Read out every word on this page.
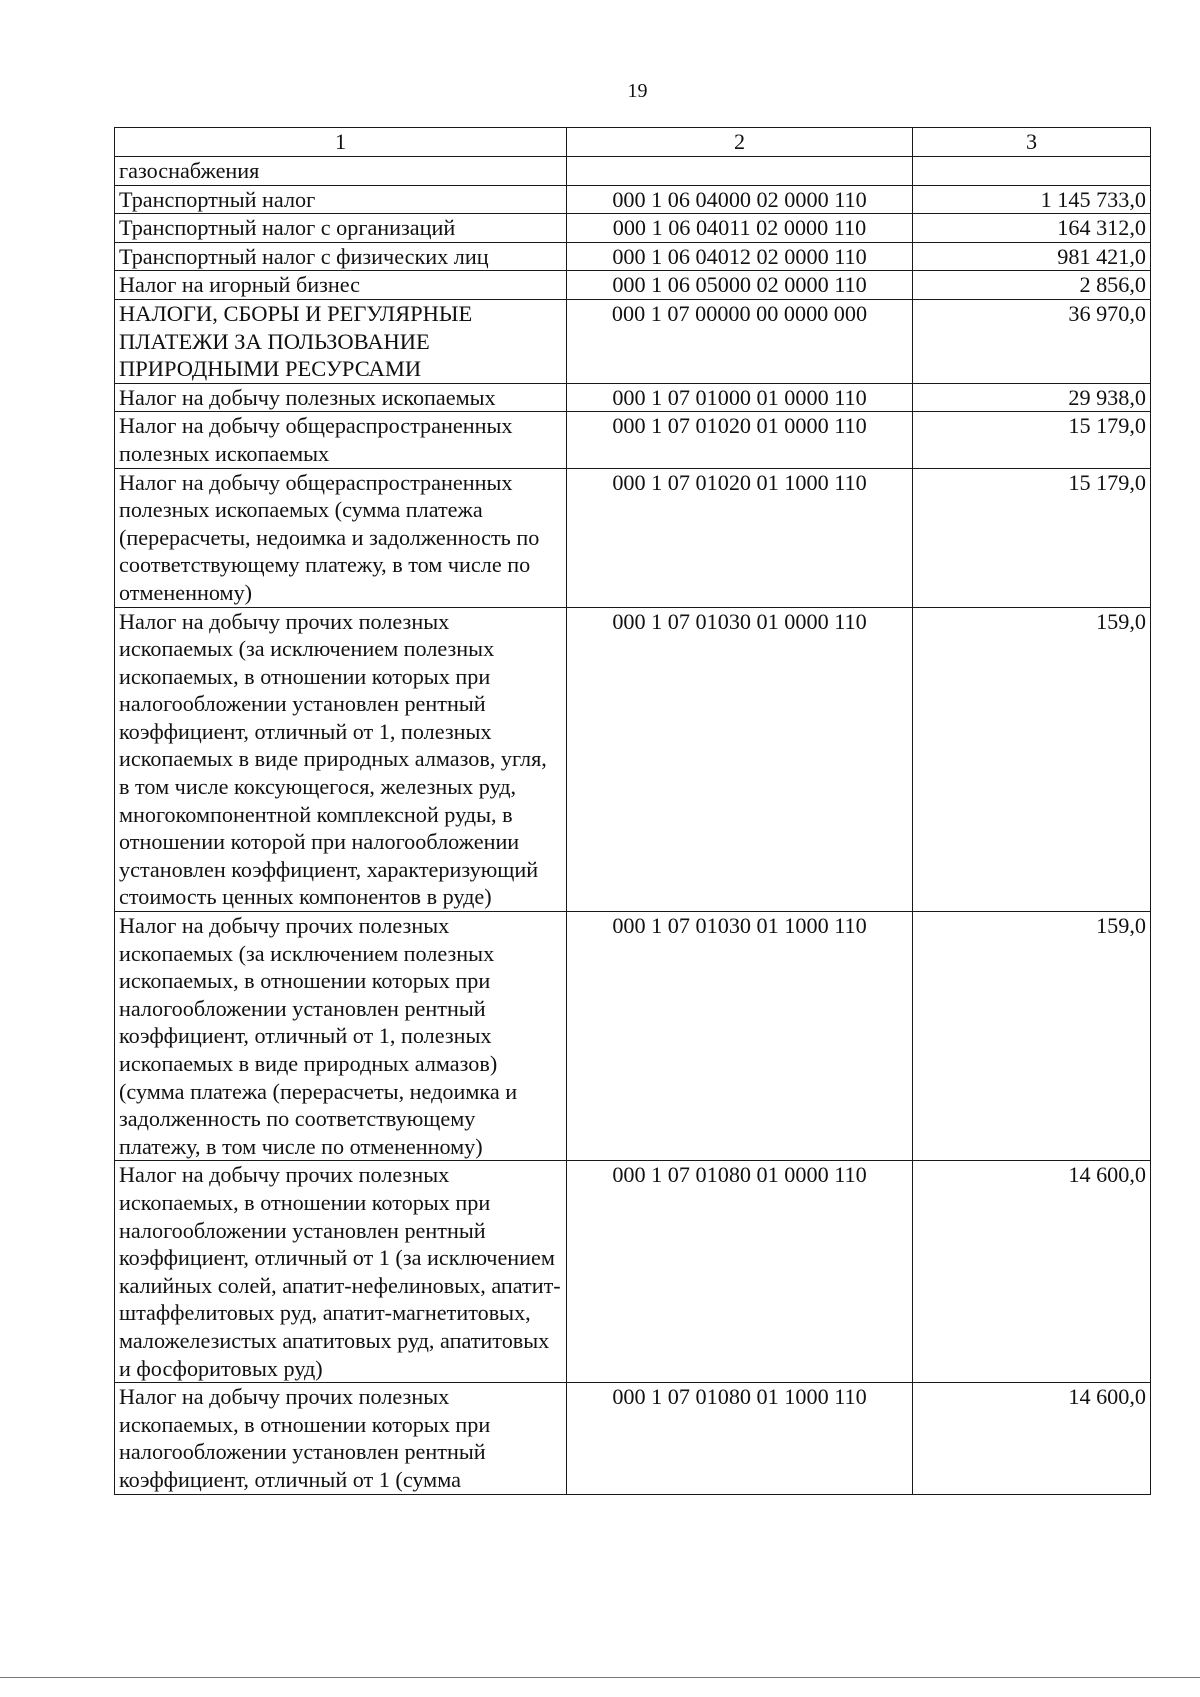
19
1	2	3
газоснабжения		
Транспортный налог	000 1 06 04000 02 0000 110	1 145 733,0
Транспортный налог с организаций	000 1 06 04011 02 0000 110	164 312,0
Транспортный налог с физических лиц	000 1 06 04012 02 0000 110	981 421,0
Налог на игорный бизнес	000 1 06 05000 02 0000 110	2 856,0
НАЛОГИ, СБОРЫ И РЕГУЛЯРНЫЕ ПЛАТЕЖИ ЗА ПОЛЬЗОВАНИЕ ПРИРОДНЫМИ РЕСУРСАМИ	000 1 07 00000 00 0000 000	36 970,0
Налог на добычу полезных ископаемых	000 1 07 01000 01 0000 110	29 938,0
Налог на добычу общераспространенных полезных ископаемых	000 1 07 01020 01 0000 110	15 179,0
Налог на добычу общераспространенных полезных ископаемых (сумма платежа (перерасчеты, недоимка и задолженность по соответствующему платежу, в том числе по отмененному)	000 1 07 01020 01 1000 110	15 179,0
Налог на добычу прочих полезных ископаемых (за исключением полезных ископаемых, в отношении которых при налогообложении установлен рентный коэффициент, отличный от 1, полезных ископаемых в виде природных алмазов, угля, в том числе коксующегося, железных руд, многокомпонентной комплексной руды, в отношении которой при налогообложении установлен коэффициент, характеризующий стоимость ценных компонентов в руде)	000 1 07 01030 01 0000 110	159,0
Налог на добычу прочих полезных ископаемых (за исключением полезных ископаемых, в отношении которых при налогообложении установлен рентный коэффициент, отличный от 1, полезных ископаемых в виде природных алмазов) (сумма платежа (перерасчеты, недоимка и задолженность по соответствующему платежу, в том числе по отмененному)	000 1 07 01030 01 1000 110	159,0
Налог на добычу прочих полезных ископаемых, в отношении которых при налогообложении установлен рентный коэффициент, отличный от 1 (за исключением калийных солей, апатит-нефелиновых, апатит-штаффелитовых руд, апатит-магнетитовых, маложелезистых апатитовых руд, апатитовых и фосфоритовых руд)	000 1 07 01080 01 0000 110	14 600,0
Налог на добычу прочих полезных ископаемых, в отношении которых при налогообложении установлен рентный коэффициент, отличный от 1 (сумма	000 1 07 01080 01 1000 110	14 600,0
